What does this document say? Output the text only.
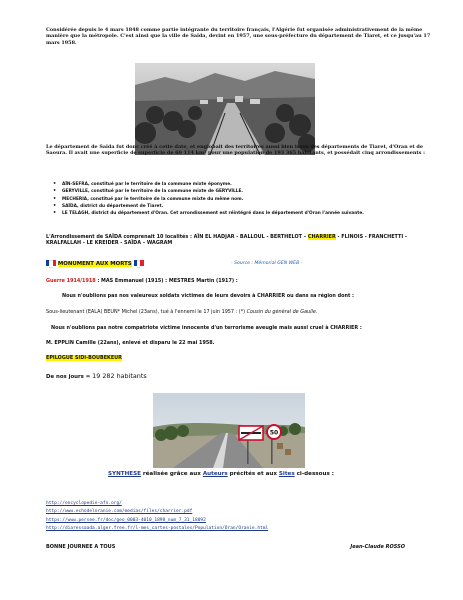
Considérée depuis le 4 mars 1848 comme partie intégrante du territoire français, l'Algérie fut organisée administrativement de la même manière que la métropole. C'est ainsi que la ville de Saïda, devint en 1957, une sous-préfecture du département de Tiaret, et ce jusqu'au 17 mars 1958.
Le département de Saïda fut donc créé à cette date, et englobait des territoires aussi bien issus des départements de Tiaret, d'Oran et de Saoura. Il avait une superficie de superficie de 60 114 km² pour une population de 193 365 habitants, et possédait cinq arrondissements :
• AÏN-SEFRA, constitué par le territoire de la commune mixte éponyme.
• GERYVILLE, constitué par le territoire de la commune mixte de GERYVILLE.
• MECHERIA, constitué par le territoire de la commune mixte du même nom.
• SAÏDA, district du département de Tiaret.
• LE TELAGH, district du département d'Oran. Cet arrondissement est réintégré dans le département d'Oran l'année suivante.
L'Arrondissement de SAÏDA comprenait 10 localités : AÏN EL HADJAR - BALLOUL - BERTHELOT – CHARRIER - FLINOIS - FRANCHETTI - KRALFALLAH - LE KREIDER - SAÏDA – WAGRAM
MONUMENT AUX MORTS	- Source : Mémorial GEN WEB -
Guerre 1914/1918 : MAS Emmanuel (1915) : MESTRES Martin (1917) :
Nous n'oublions pas nos valeureux soldats victimes de leurs devoirs à CHARRIER ou dans sa région dont :
Sous-lieutenant (EALA) BEUN* Michel (23ans), tué à l'ennemi le 17 juin 1957 : (*) Cousin du général de Gaulle.
Nous n'oublions pas notre compatriote victime innocente d'un terrorisme aveugle mais aussi cruel à CHARRIER :
M. EPPLIN Camille (22ans), enlevé et disparu le 22 mai 1958.
EPILOGUE SIDI-BOUBEKEUR
De nos jours = 19 282 habitants
50
SYNTHESE réalisée grâce aux Auteurs précités et aux Sites ci-dessous :
http://encyclopedie-afn.org/
http://www.echodeloranie.com/medias/files/charrier.pdf
https://www.persee.fr/doc/geo_0003-4010_1898_num_7_31_18092
http://diaressaada.alger.free.fr/l-mes_cartes-postales/Population/Oran/Oranie.html
BONNE JOURNEE A TOUS	Jean-Claude ROSSO
